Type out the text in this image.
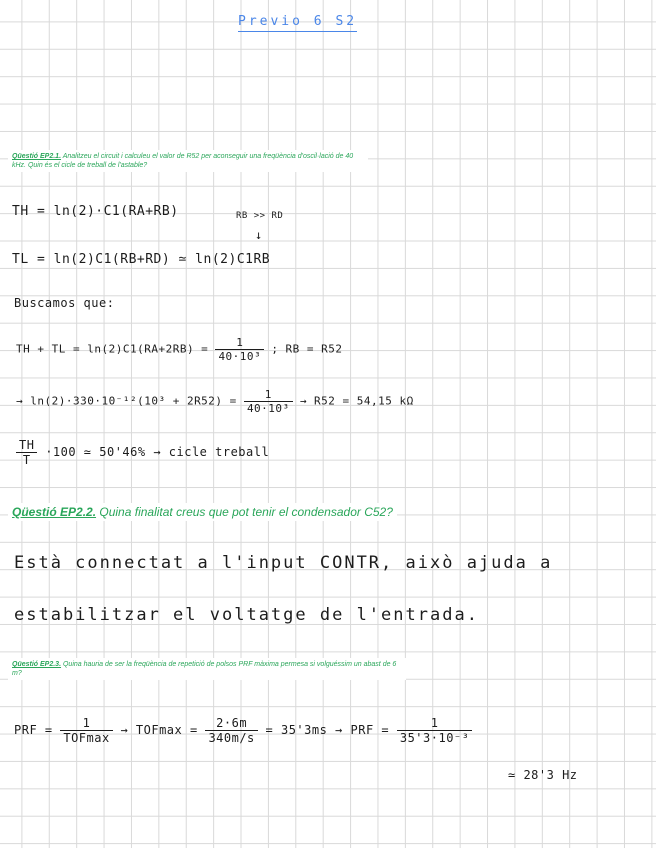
Previo 6 S2
Qüestió EP2.1. Analitzeu el circuit i calculeu el valor de R52 per aconseguir una freqüència d'oscil·lació de 40 kHz. Quin és el cicle de treball de l'astable?
TH = ln(2)·C1(RA+RB)	RB >> RD
↓
TL = ln(2)C1(RB+RD) ≃ ln(2)C1RB
Buscamos que:
TH + TL = $\ln(2)C1(RA+2RB) = \frac{1}{\text{40·10³}}$ ; RB = R52
→ $\ln(2)\cdot 330\cdot 10^{-12}(10^3 + 2R52) = \frac{1}{\text{40·10³}} \to R52 = 54,15$ kΩ
$\frac{TH}{T} \cdot 100$ ≃ 50'46% → cicle treball
Qüestió EP2.2. Quina finalitat creus que pot tenir el condensador C52?
Està connectat a l'input CONTR, això ajuda a
estabilitzar el voltatge de l'entrada.
Qüestió EP2.3. Quina hauria de ser la freqüència de repetició de polsos PRF màxima permesa si volguéssim un abast de 6 m?
PRF = $\frac{1}{\text{TOFmax}} \to TOFmax = \frac{2\cdot 6m}{340m/s} = 35'3ms$ → PRF = $\frac{1}{\text{35'3·10⁻³}}$
≃ 28'3 Hz
